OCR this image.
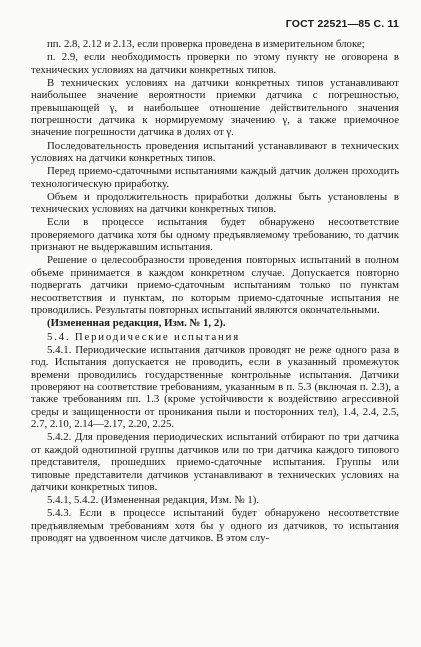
ГОСТ 22521—85 С. 11

пп. 2.8, 2.12 и 2.13, если проверка проведена в измерительном блоке;

п. 2.9, если необходимость проверки по этому пункту не оговорена в технических условиях на датчики конкретных типов.

В технических условиях на датчики конкретных типов устанавливают наибольшее значение вероятности приемки датчика с погрешностью, превышающей γ, и наибольшее отношение действительного значения погрешности датчика к нормируемому значению γ, а также приемочное значение погрешности датчика в долях от γ.

Последовательность проведения испытаний устанавливают в технических условиях на датчики конкретных типов.

Перед приемо-сдаточными испытаниями каждый датчик должен проходить технологическую приработку.

Объем и продолжительность приработки должны быть установлены в технических условиях на датчики конкретных типов.

Если в процессе испытания будет обнаружено несоответствие проверяемого датчика хотя бы одному предъявляемому требованию, то датчик признают не выдержавшим испытания.

Решение о целесообразности проведения повторных испытаний в полном объеме принимается в каждом конкретном случае. Допускается повторно подвергать датчики приемо-сдаточным испытаниям только по пунктам несоответствия и пунктам, по которым приемо-сдаточные испытания не проводились. Результаты повторных испытаний являются окончательными.

(Измененная редакция, Изм. № 1, 2).

5.4. Периодические испытания

5.4.1. Периодические испытания датчиков проводят не реже одного раза в год. Испытания допускается не проводить, если в указанный промежуток времени проводились государственные контрольные испытания. Датчики проверяют на соответствие требованиям, указанным в п. 5.3 (включая п. 2.3), а также требованиям пп. 1.3 (кроме устойчивости к воздействию агрессивной среды и защищенности от проникания пыли и посторонних тел), 1.4, 2.4, 2.5, 2.7, 2.10, 2.14—2.17, 2.20, 2.25.

5.4.2. Для проведения периодических испытаний отбирают по три датчика от каждой однотипной группы датчиков или по три датчика каждого типового представителя, прошедших приемо-сдаточные испытания. Группы или типовые представители датчиков устанавливают в технических условиях на датчики конкретных типов.

5.4.1, 5.4.2. (Измененная редакция, Изм. № 1).

5.4.3. Если в процессе испытаний будет обнаружено несоответствие предъявляемым требованиям хотя бы у одного из датчиков, то испытания проводят на удвоенном числе датчиков. В этом слу-
